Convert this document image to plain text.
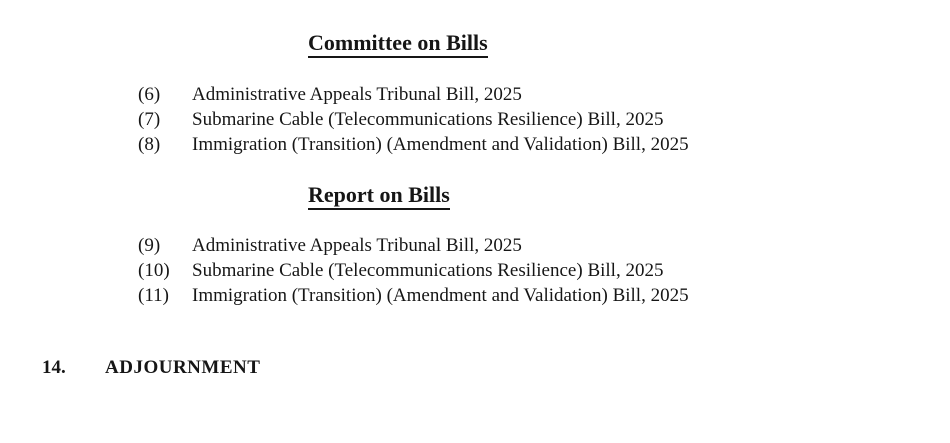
Committee on Bills
(6)	Administrative Appeals Tribunal Bill, 2025
(7)	Submarine Cable (Telecommunications Resilience) Bill, 2025
(8)	Immigration (Transition) (Amendment and Validation) Bill, 2025
Report on Bills
(9)	Administrative Appeals Tribunal Bill, 2025
(10)	Submarine Cable (Telecommunications Resilience) Bill, 2025
(11)	Immigration (Transition) (Amendment and Validation) Bill, 2025
14.	ADJOURNMENT
